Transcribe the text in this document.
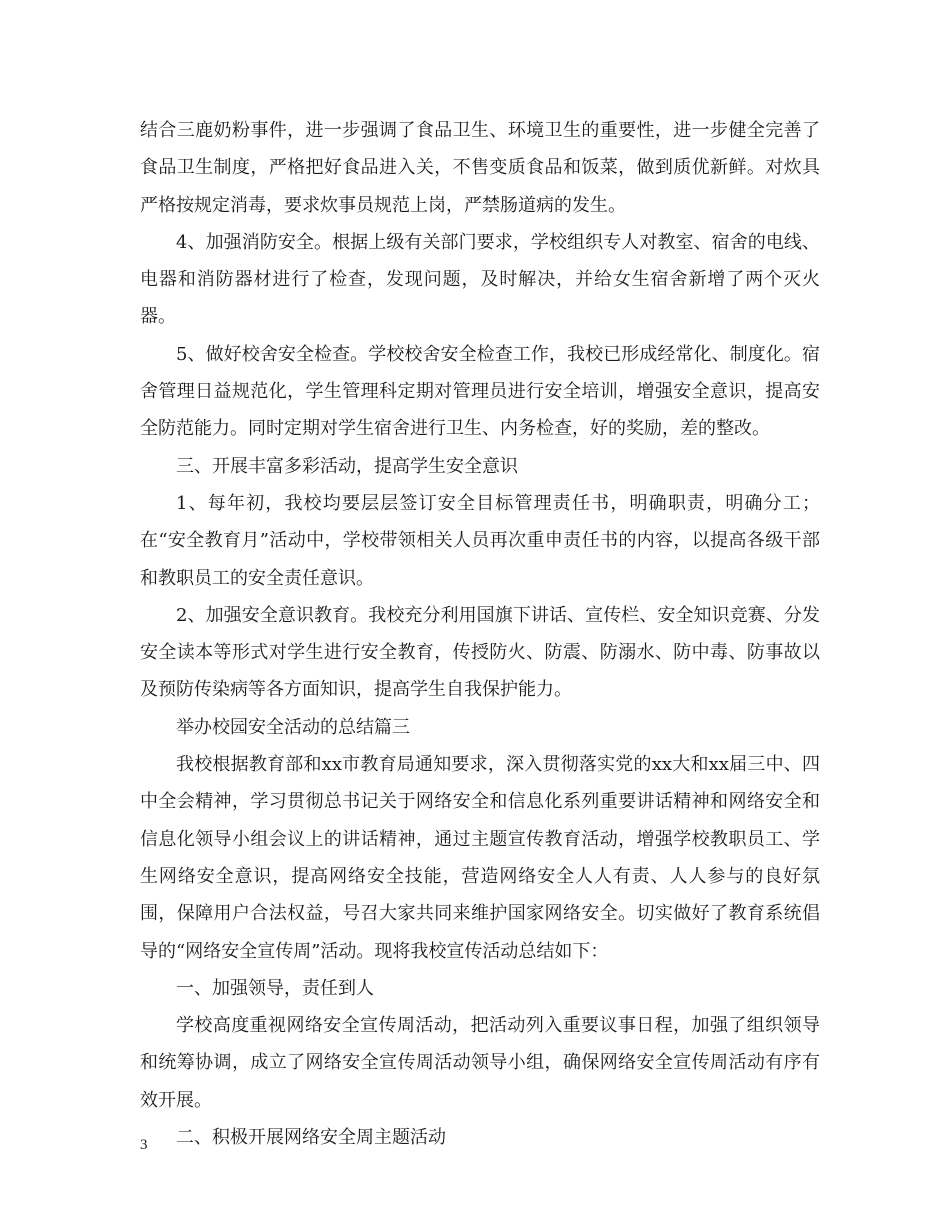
结合三鹿奶粉事件，进一步强调了食品卫生、环境卫生的重要性，进一步健全完善了食品卫生制度，严格把好食品进入关，不售变质食品和饭菜，做到质优新鲜。对炊具严格按规定消毒，要求炊事员规范上岗，严禁肠道病的发生。

4、加强消防安全。根据上级有关部门要求，学校组织专人对教室、宿舍的电线、电器和消防器材进行了检查，发现问题，及时解决，并给女生宿舍新增了两个灭火器。

5、做好校舍安全检查。学校校舍安全检查工作，我校已形成经常化、制度化。宿舍管理日益规范化，学生管理科定期对管理员进行安全培训，增强安全意识，提高安全防范能力。同时定期对学生宿舍进行卫生、内务检查，好的奖励，差的整改。

三、开展丰富多彩活动，提高学生安全意识

1、每年初，我校均要层层签订安全目标管理责任书，明确职责，明确分工；在“安全教育月”活动中，学校带领相关人员再次重申责任书的内容，以提高各级干部和教职员工的安全责任意识。

2、加强安全意识教育。我校充分利用国旗下讲话、宣传栏、安全知识竞赛、分发安全读本等形式对学生进行安全教育，传授防火、防震、防溺水、防中毒、防事故以及预防传染病等各方面知识，提高学生自我保护能力。

举办校园安全活动的总结篇三

我校根据教育部和xx市教育局通知要求，深入贯彻落实党的xx大和xx届三中、四中全会精神，学习贯彻总书记关于网络安全和信息化系列重要讲话精神和网络安全和信息化领导小组会议上的讲话精神，通过主题宣传教育活动，增强学校教职员工、学生网络安全意识，提高网络安全技能，营造网络安全人人有责、人人参与的良好氛围，保障用户合法权益，号召大家共同来维护国家网络安全。切实做好了教育系统倡导的“网络安全宣传周”活动。现将我校宣传活动总结如下：

一、加强领导，责任到人

学校高度重视网络安全宣传周活动，把活动列入重要议事日程，加强了组织领导和统筹协调，成立了网络安全宣传周活动领导小组，确保网络安全宣传周活动有序有效开展。

二、积极开展网络安全周主题活动

3
